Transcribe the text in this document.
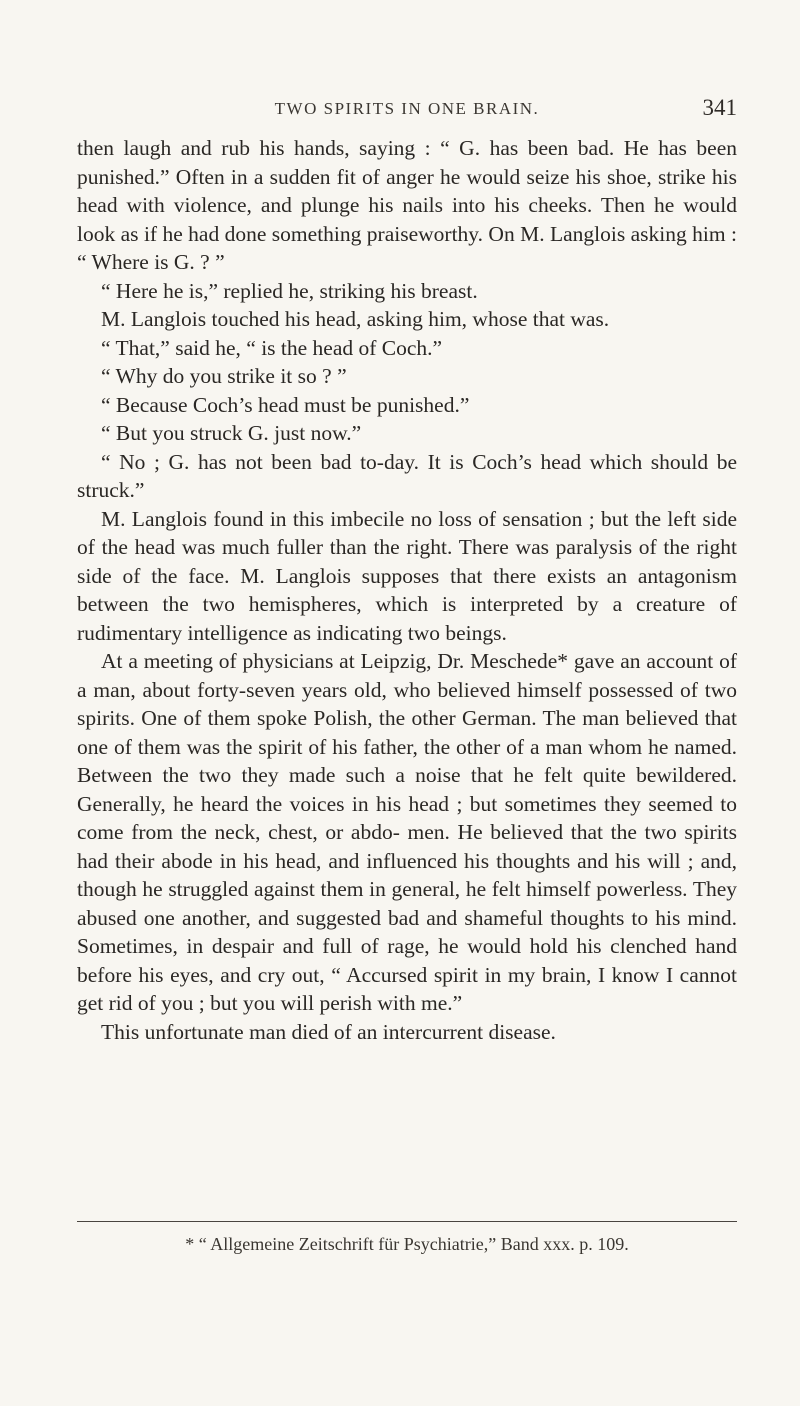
TWO SPIRITS IN ONE BRAIN.	341

then laugh and rub his hands, saying : “ G. has been bad. He has been punished.” Often in a sudden fit of anger he would seize his shoe, strike his head with violence, and plunge his nails into his cheeks. Then he would look as if he had done something praiseworthy. On M. Langlois asking him : “ Where is G. ? ”

“ Here he is,” replied he, striking his breast.

M. Langlois touched his head, asking him, whose that was.

“ That,” said he, “ is the head of Coch.”

“ Why do you strike it so ? ”

“ Because Coch’s head must be punished.”

“ But you struck G. just now.”

“ No ; G. has not been bad to-day. It is Coch’s head which should be struck.”

M. Langlois found in this imbecile no loss of sensation ; but the left side of the head was much fuller than the right. There was paralysis of the right side of the face. M. Langlois supposes that there exists an antagonism between the two hemispheres, which is interpreted by a creature of rudimentary intelligence as indicating two beings.

At a meeting of physicians at Leipzig, Dr. Meschede* gave an account of a man, about forty-seven years old, who believed himself possessed of two spirits. One of them spoke Polish, the other German. The man believed that one of them was the spirit of his father, the other of a man whom he named. Between the two they made such a noise that he felt quite bewildered. Generally, he heard the voices in his head ; but sometimes they seemed to come from the neck, chest, or abdo- men. He believed that the two spirits had their abode in his head, and influenced his thoughts and his will ; and, though he struggled against them in general, he felt himself powerless. They abused one another, and suggested bad and shameful thoughts to his mind. Sometimes, in despair and full of rage, he would hold his clenched hand before his eyes, and cry out, “ Accursed spirit in my brain, I know I cannot get rid of you ; but you will perish with me.”

This unfortunate man died of an intercurrent disease.

* “ Allgemeine Zeitschrift für Psychiatrie,” Band xxx. p. 109.
